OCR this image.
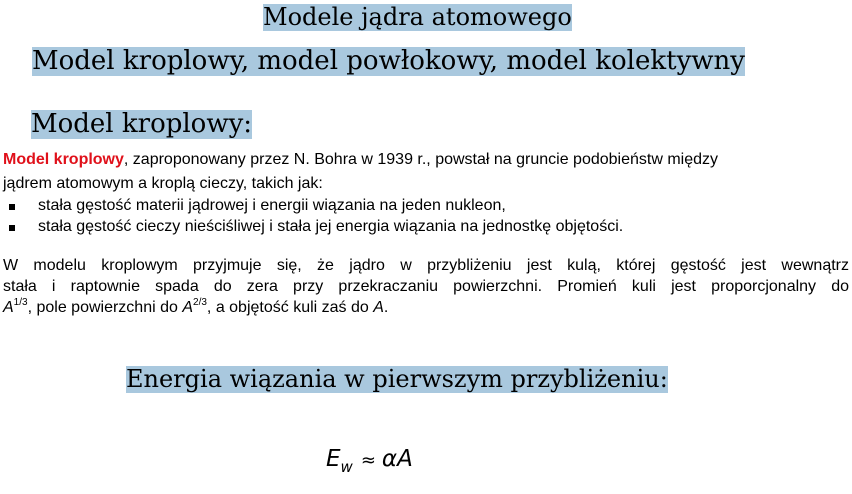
Modele jądra atomowego
Model kroplowy, model powłokowy, model kolektywny
Model kroplowy:
Model kroplowy, zaproponowany przez N. Bohra w 1939 r., powstał na gruncie podobieństw między
jądrem atomowym a kroplą cieczy, takich jak:
stała gęstość materii jądrowej i energii wiązania na jeden nukleon,
stała gęstość cieczy nieściśliwej i stała jej energia wiązania na jednostkę objętości.
W modelu kroplowym przyjmuje się, że jądro w przybliżeniu jest kulą, której gęstość jest wewnątrz
stała i raptownie spada do zera przy przekraczaniu powierzchni. Promień kuli jest proporcjonalny do
$A^{1/3}$, pole powierzchni do $A^{2/3}$, a objętość kuli zaś do A.
Energia wiązania w pierwszym przybliżeniu:
$E_w \approx \alpha A$
